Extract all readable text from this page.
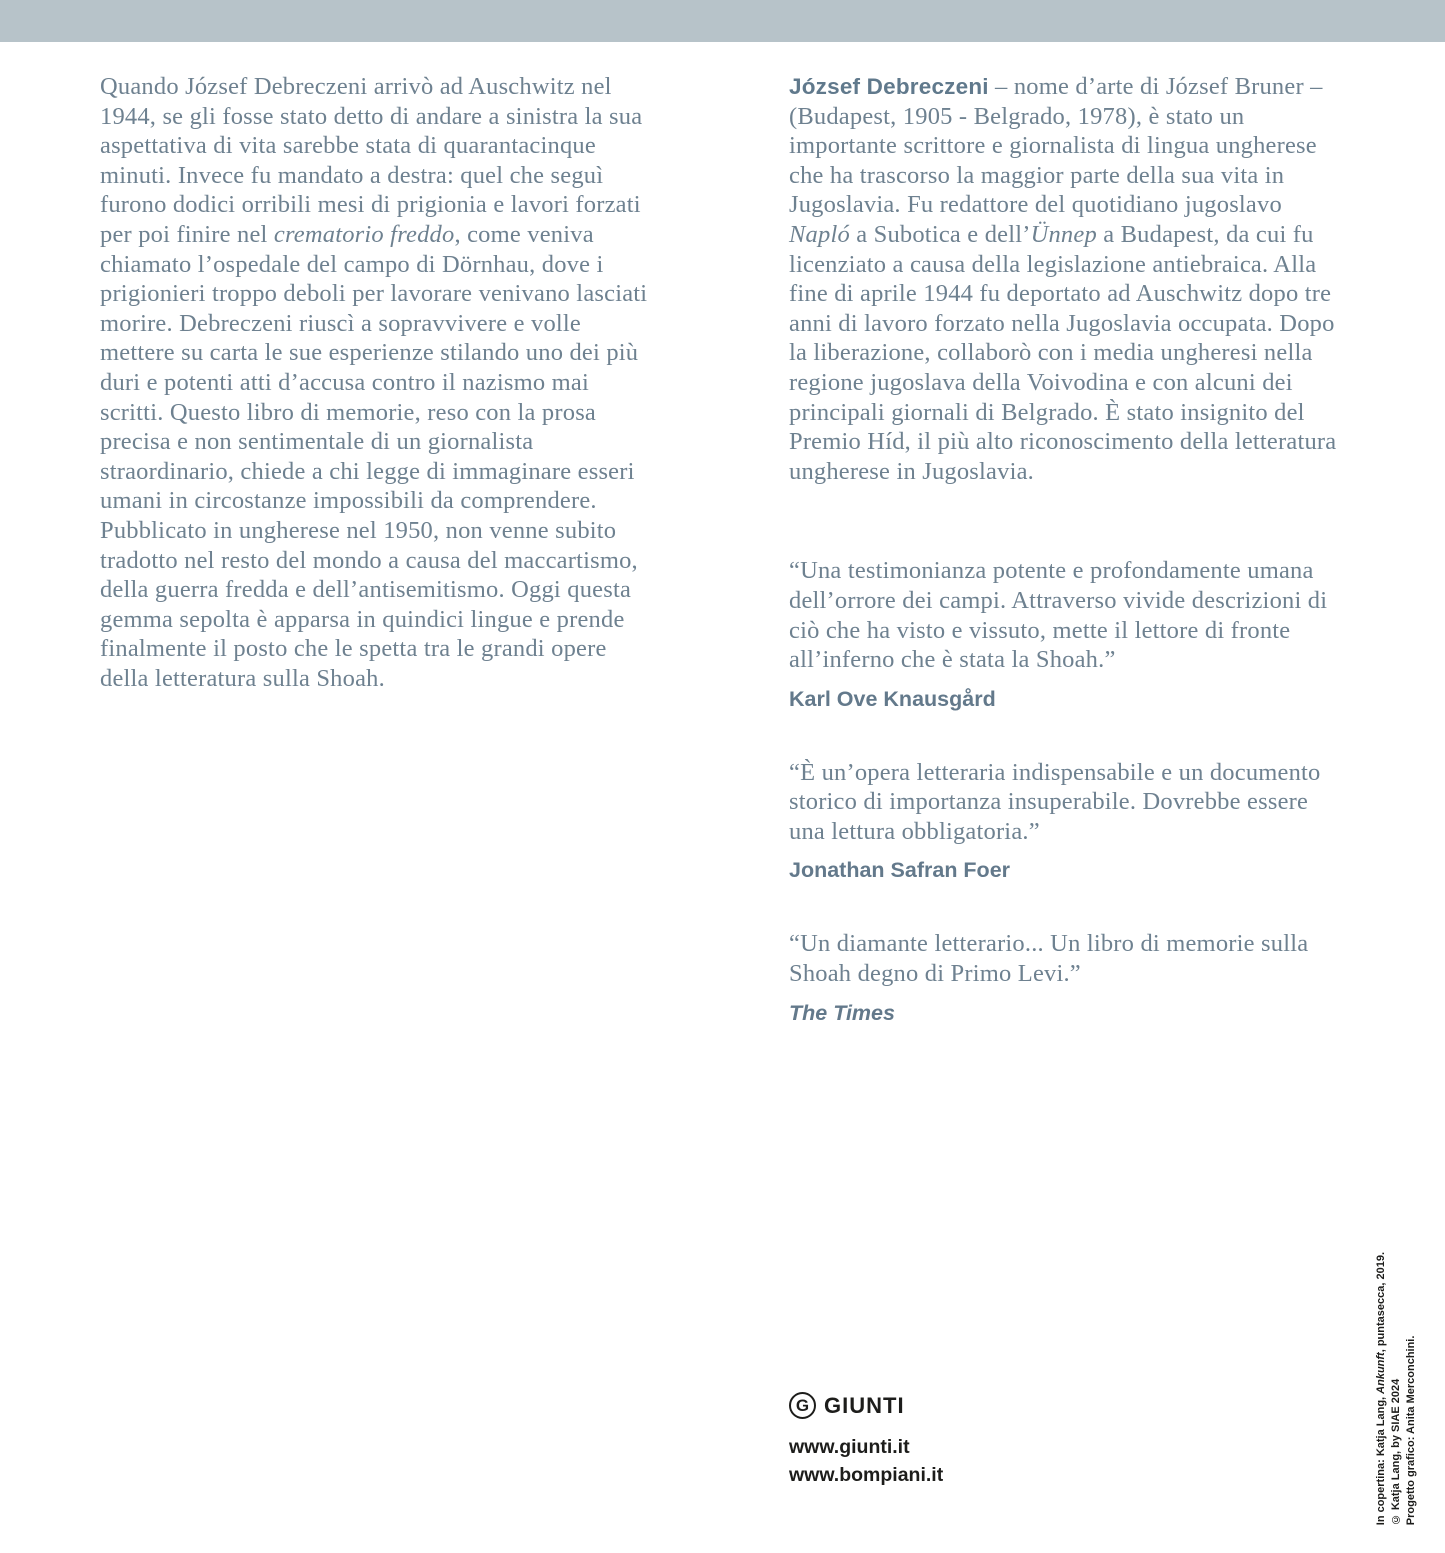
Quando József Debreczeni arrivò ad Auschwitz nel 1944, se gli fosse stato detto di andare a sinistra la sua aspettativa di vita sarebbe stata di quarantacinque minuti. Invece fu mandato a destra: quel che seguì furono dodici orribili mesi di prigionia e lavori forzati per poi finire nel crematorio freddo, come veniva chiamato l’ospedale del campo di Dörnhau, dove i prigionieri troppo deboli per lavorare venivano lasciati morire. Debreczeni riuscì a sopravvivere e volle mettere su carta le sue esperienze stilando uno dei più duri e potenti atti d’accusa contro il nazismo mai scritti. Questo libro di memorie, reso con la prosa precisa e non sentimentale di un giornalista straordinario, chiede a chi legge di immaginare esseri umani in circostanze impossibili da comprendere. Pubblicato in ungherese nel 1950, non venne subito tradotto nel resto del mondo a causa del maccartismo, della guerra fredda e dell’antisemitismo. Oggi questa gemma sepolta è apparsa in quindici lingue e prende finalmente il posto che le spetta tra le grandi opere della letteratura sulla Shoah.

József Debreczeni – nome d’arte di József Bruner – (Budapest, 1905 - Belgrado, 1978), è stato un importante scrittore e giornalista di lingua ungherese che ha trascorso la maggior parte della sua vita in Jugoslavia. Fu redattore del quotidiano jugoslavo Napló a Subotica e dell’Ünnep a Budapest, da cui fu licenziato a causa della legislazione antiebraica. Alla fine di aprile 1944 fu deportato ad Auschwitz dopo tre anni di lavoro forzato nella Jugoslavia occupata. Dopo la liberazione, collaborò con i media ungheresi nella regione jugoslava della Voivodina e con alcuni dei principali giornali di Belgrado. È stato insignito del Premio Híd, il più alto riconoscimento della letteratura ungherese in Jugoslavia.

“Una testimonianza potente e profondamente umana dell’orrore dei campi. Attraverso vivide descrizioni di ciò che ha visto e vissuto, mette il lettore di fronte all’inferno che è stata la Shoah.”

Karl Ove Knausgård

“È un’opera letteraria indispensabile e un documento storico di importanza insuperabile. Dovrebbe essere una lettura obbligatoria.”

Jonathan Safran Foer

“Un diamante letterario... Un libro di memorie sulla Shoah degno di Primo Levi.”

The Times

G GIUNTI
www.giunti.it
www.bompiani.it	In copertina: Katja Lang, Ankunft, puntasecca, 2019.
© Katja Lang, by SIAE 2024 Progetto grafico: Anita Merconchini.
